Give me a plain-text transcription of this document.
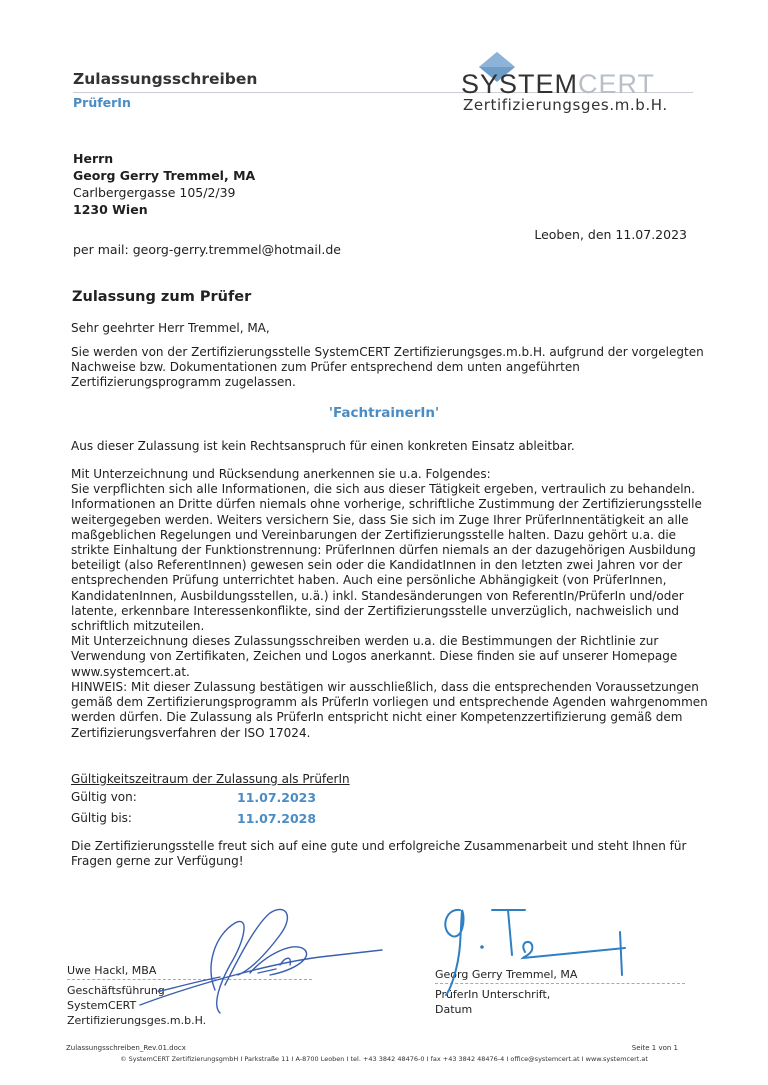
Zulassungsschreiben
PrüferIn
SYSTEMCERT
Zertifizierungsges.m.b.H.
Herrn
Georg Gerry Tremmel, MA
Carlbergergasse 105/2/39
1230 Wien
Leoben, den 11.07.2023
per mail: georg-gerry.tremmel@hotmail.de
Zulassung zum Prüfer
Sehr geehrter Herr Tremmel, MA,
Sie werden von der Zertifizierungsstelle SystemCERT Zertifizierungsges.m.b.H. aufgrund der vorgelegten Nachweise bzw. Dokumentationen zum Prüfer entsprechend dem unten angeführten Zertifizierungsprogramm zugelassen.
'FachtrainerIn'
Aus dieser Zulassung ist kein Rechtsanspruch für einen konkreten Einsatz ableitbar.
Mit Unterzeichnung und Rücksendung anerkennen sie u.a. Folgendes:
Sie verpflichten sich alle Informationen, die sich aus dieser Tätigkeit ergeben, vertraulich zu behandeln. Informationen an Dritte dürfen niemals ohne vorherige, schriftliche Zustimmung der Zertifizierungsstelle weitergegeben werden. Weiters versichern Sie, dass Sie sich im Zuge Ihrer PrüferInnentätigkeit an alle maßgeblichen Regelungen und Vereinbarungen der Zertifizierungsstelle halten. Dazu gehört u.a. die strikte Einhaltung der Funktionstrennung: PrüferInnen dürfen niemals an der dazugehörigen Ausbildung beteiligt (also ReferentInnen) gewesen sein oder die KandidatInnen in den letzten zwei Jahren vor der entsprechenden Prüfung unterrichtet haben. Auch eine persönliche Abhängigkeit (von PrüferInnen, KandidatenInnen, Ausbildungsstellen, u.ä.) inkl. Standesänderungen von ReferentIn/PrüferIn und/oder latente, erkennbare Interessenkonflikte, sind der Zertifizierungsstelle unverzüglich, nachweislich und schriftlich mitzuteilen.
Mit Unterzeichnung dieses Zulassungsschreiben werden u.a. die Bestimmungen der Richtlinie zur Verwendung von Zertifikaten, Zeichen und Logos anerkannt. Diese finden sie auf unserer Homepage www.systemcert.at.
HINWEIS: Mit dieser Zulassung bestätigen wir ausschließlich, dass die entsprechenden Voraussetzungen gemäß dem Zertifizierungsprogramm als PrüferIn vorliegen und entsprechende Agenden wahrgenommen werden dürfen. Die Zulassung als PrüferIn entspricht nicht einer Kompetenzzertifizierung gemäß dem Zertifizierungsverfahren der ISO 17024.
Gültigkeitszeitraum der Zulassung als PrüferIn
Gültig von:	11.07.2023
Gültig bis:	11.07.2028
Die Zertifizierungsstelle freut sich auf eine gute und erfolgreiche Zusammenarbeit und steht Ihnen für Fragen gerne zur Verfügung!
Uwe Hackl, MBA
Geschäftsführung
SystemCERT
Zertifizierungsges.m.b.H.
Georg Gerry Tremmel, MA
PrüferIn Unterschrift,
Datum
Zulassungsschreiben_Rev.01.docx	Seite 1 von 1
© SystemCERT ZertifizierungsgmbH I Parkstraße 11 I A-8700 Leoben I tel. +43 3842 48476-0 I fax +43 3842 48476-4 I office@systemcert.at I www.systemcert.at
